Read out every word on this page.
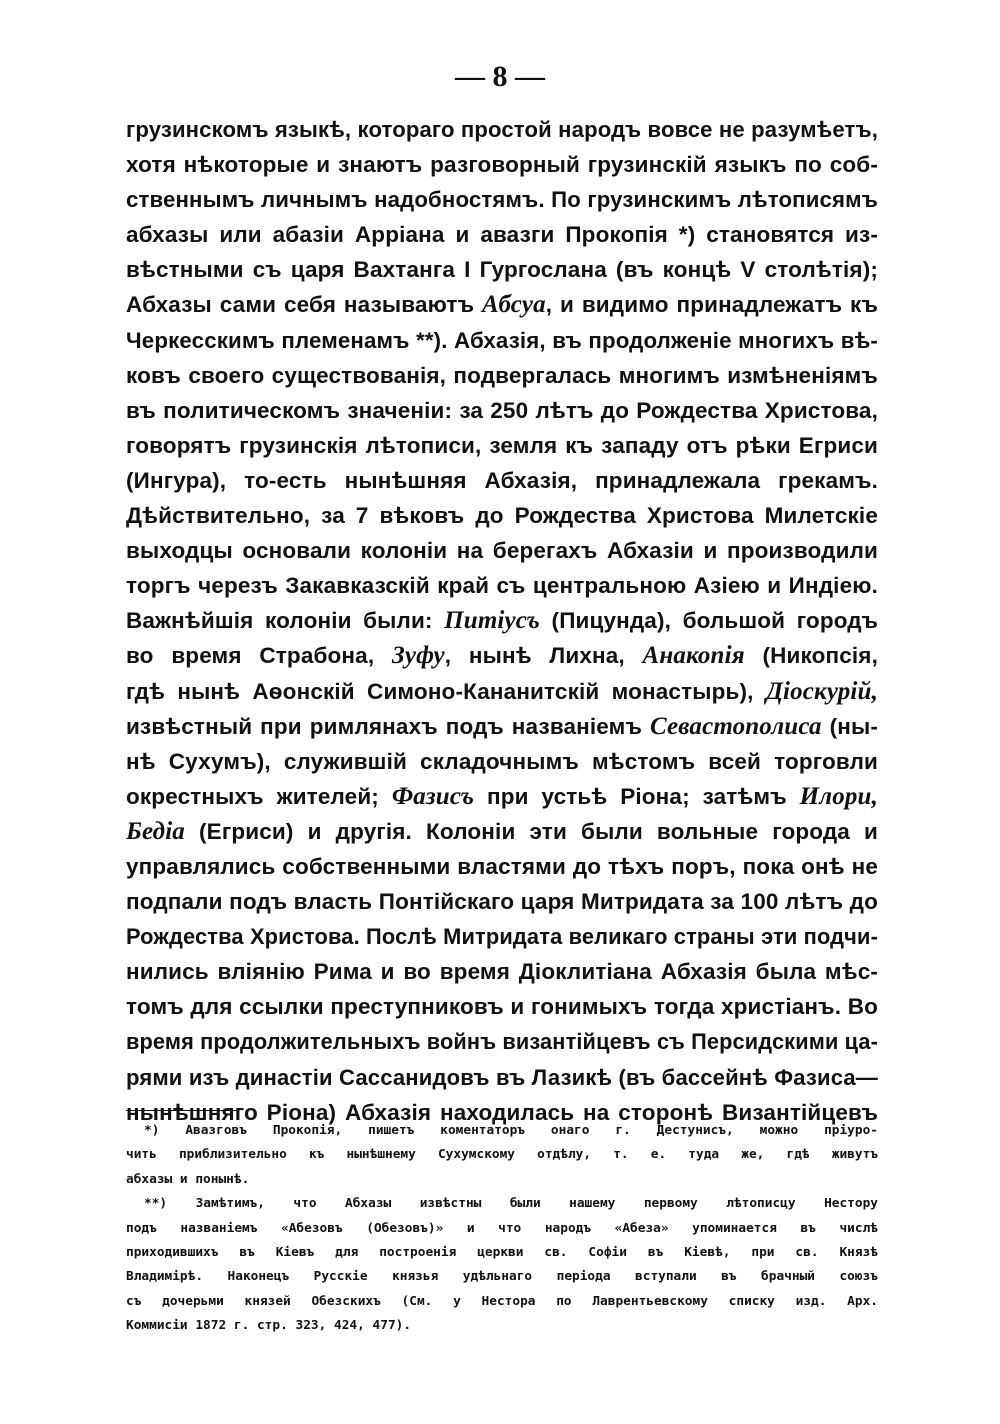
— 8 —
грузинскомъ языкѣ, котораго простой народъ вовсе не разумѣетъ,
хотя нѣкоторые и знаютъ разговорный грузинскій языкъ по соб-
ственнымъ личнымъ надобностямъ. По грузинскимъ лѣтописямъ
абхазы или абазіи Арріана и авазги Прокопія *) становятся из-
вѣстными съ царя Вахтанга I Гургослана (въ концѣ V столѣтія);
Абхазы сами себя называютъ Абсуа, и видимо принадлежатъ къ
Черкесскимъ племенамъ **). Абхазія, въ продолженіе многихъ вѣ-
ковъ своего существованія, подвергалась многимъ измѣненіямъ
въ политическомъ значеніи: за 250 лѣтъ до Рождества Христова,
говорятъ грузинскія лѣтописи, земля къ западу отъ рѣки Егриси
(Ингура), то-есть нынѣшняя Абхазія, принадлежала грекамъ.
Дѣйствительно, за 7 вѣковъ до Рождества Христова Милетскіе
выходцы основали колоніи на берегахъ Абхазіи и производили
торгъ черезъ Закавказскій край съ центральною Азіею и Индіею.
Важнѣйшія колоніи были: Питіусъ (Пицунда), большой городъ
во время Страбона, Зуфу, нынѣ Лихна, Анакопія (Никопсія,
гдѣ нынѣ Аѳонскій Симоно-Кананитскій монастырь), Діоскурій,
извѣстный при римлянахъ подъ названіемъ Севастополиса (ны-
нѣ Сухумъ), служившій складочнымъ мѣстомъ всей торговли
окрестныхъ жителей; Фазисъ при устьѣ Ріона; затѣмъ Илори,
Бедіа (Егриси) и другія. Колоніи эти были вольные города и
управлялись собственными властями до тѣхъ поръ, пока онѣ не
подпали подъ власть Понтійскаго царя Митридата за 100 лѣтъ до
Рождества Христова. Послѣ Митридата великаго страны эти подчи-
нились вліянію Рима и во время Діоклитіана Абхазія была мѣс-
томъ для ссылки преступниковъ и гонимыхъ тогда христіанъ. Во
время продолжительныхъ войнъ византійцевъ съ Персидскими ца-
рями изъ династіи Сассанидовъ въ Лазикѣ (въ бассейнѣ Фазиса—
нынѣшняго Ріона) Абхазія находилась на сторонѣ Византійцевъ
*) Авазговъ Прокопія, пишетъ коментаторъ онаго г. Дестунисъ, можно пріуро-
чить приблизительно къ нынѣшнему Сухумскому отдѣлу, т. е. туда же, гдѣ живутъ
абхазы и понынѣ.
**) Замѣтимъ, что Абхазы извѣстны были нашему первому лѣтописцу Нестору
подъ названіемъ «Абезовъ (Обезовъ)» и что народъ «Абеза» упоминается въ числѣ
приходившихъ въ Кіевъ для построенія церкви св. Софіи въ Кіевѣ, при св. Князѣ
Владимірѣ. Наконецъ Русскіе князья удѣльнаго періода вступали въ брачный союзъ
съ дочерьми князей Обезскихъ (См. у Нестора по Лаврентьевскому списку изд. Арх.
Коммисіи 1872 г. стр. 323, 424, 477).
